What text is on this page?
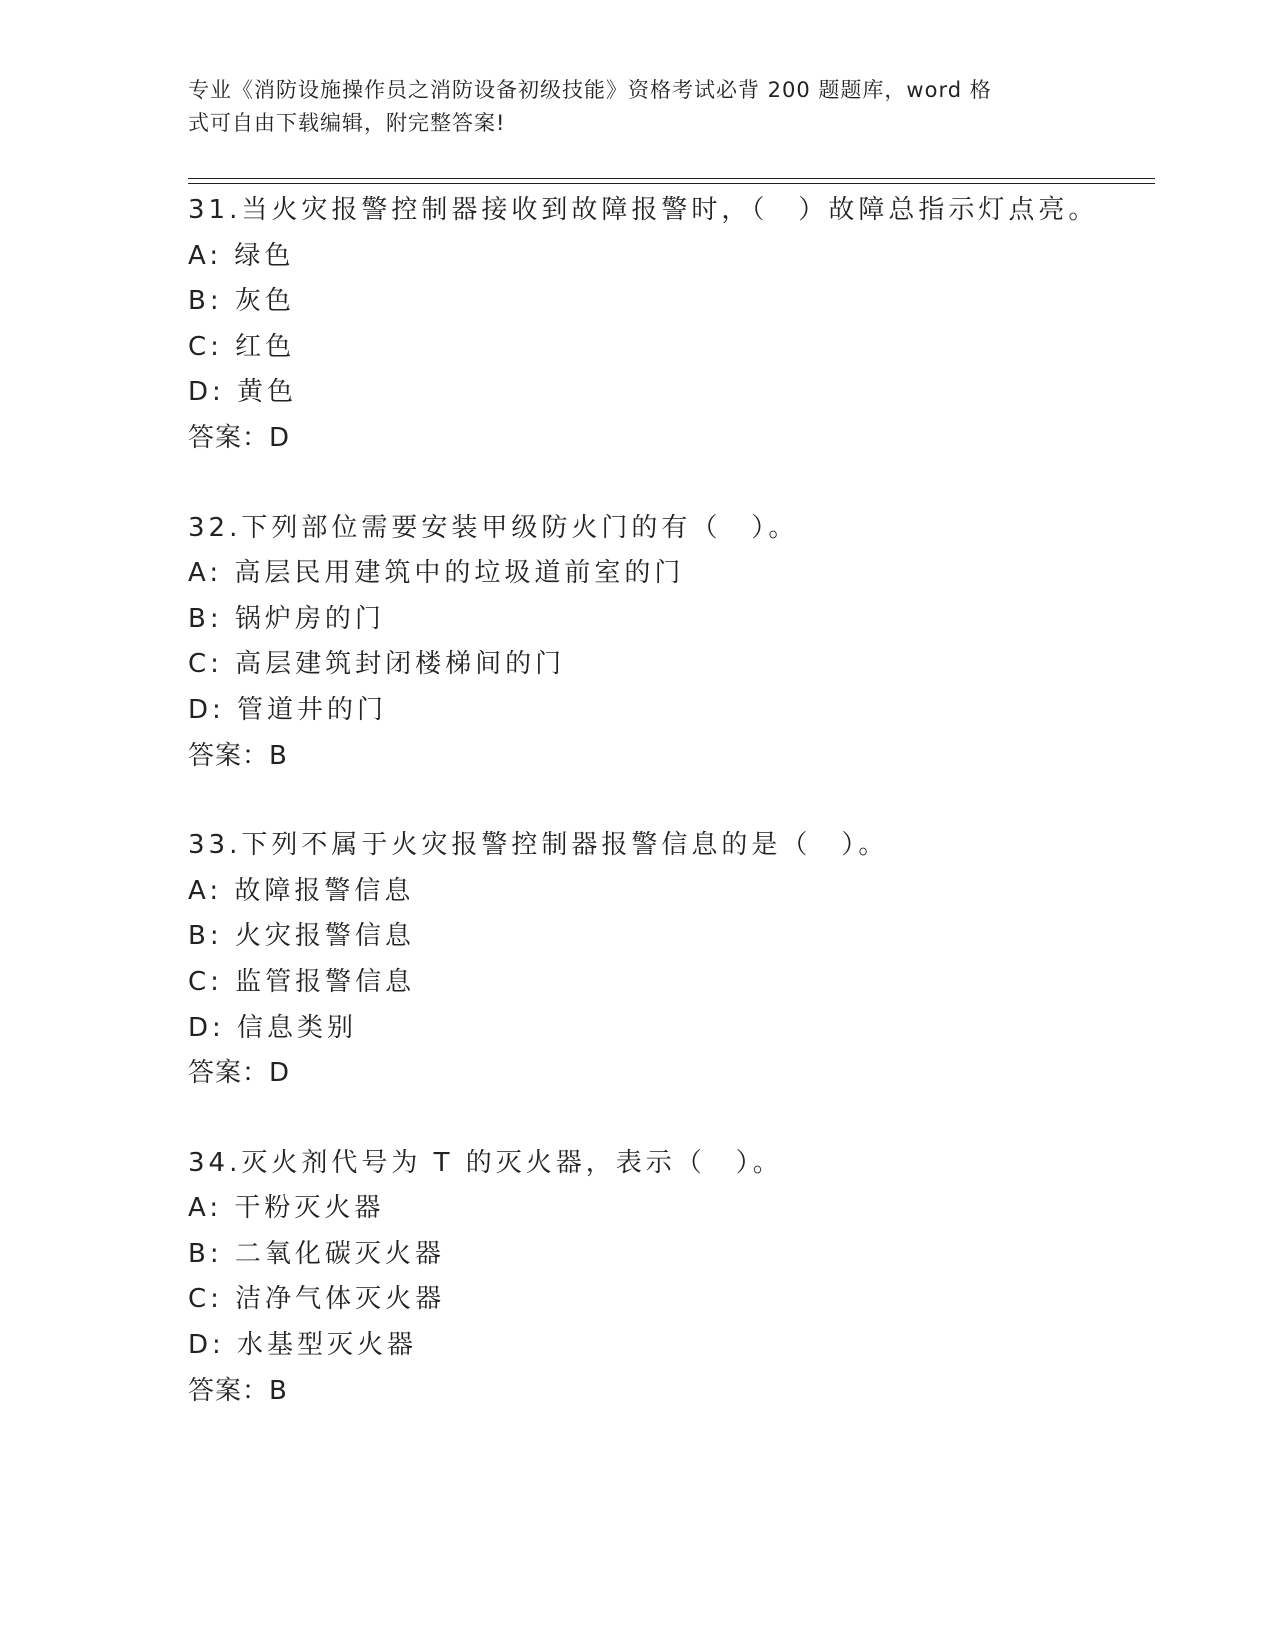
专业《消防设施操作员之消防设备初级技能》资格考试必背 200 题题库，word 格
式可自由下载编辑，附完整答案!
31.当火灾报警控制器接收到故障报警时，（　）故障总指示灯点亮。
A: 绿色
B: 灰色
C: 红色
D: 黄色
答案：D
32.下列部位需要安装甲级防火门的有（　）。
A: 高层民用建筑中的垃圾道前室的门
B: 锅炉房的门
C: 高层建筑封闭楼梯间的门
D: 管道井的门
答案：B
33.下列不属于火灾报警控制器报警信息的是（　）。
A: 故障报警信息
B: 火灾报警信息
C: 监管报警信息
D: 信息类别
答案：D
34.灭火剂代号为 T 的灭火器，表示（　）。
A: 干粉灭火器
B: 二氧化碳灭火器
C: 洁净气体灭火器
D: 水基型灭火器
答案：B
